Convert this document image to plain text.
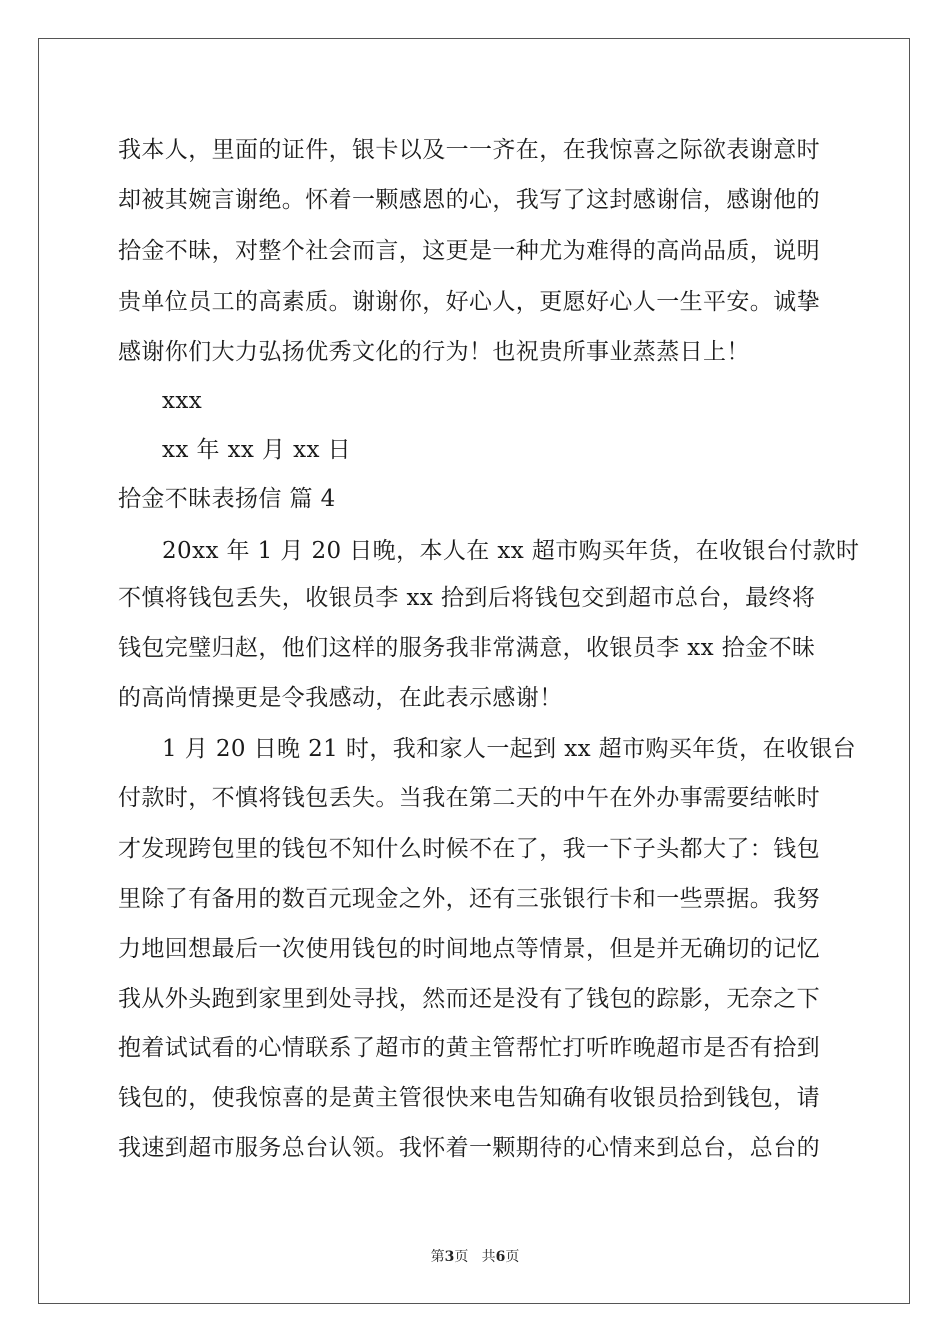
我本人，里面的证件，银卡以及一一齐在，在我惊喜之际欲表谢意时
却被其婉言谢绝。怀着一颗感恩的心，我写了这封感谢信，感谢他的
拾金不昧，对整个社会而言，这更是一种尤为难得的高尚品质，说明
贵单位员工的高素质。谢谢你，好心人，更愿好心人一生平安。诚挚
感谢你们大力弘扬优秀文化的行为！也祝贵所事业蒸蒸日上！
xxx
xx 年 xx 月 xx 日
拾金不昧表扬信 篇 4
20xx 年 1 月 20 日晚，本人在 xx 超市购买年货，在收银台付款时
不慎将钱包丢失，收银员李 xx 拾到后将钱包交到超市总台，最终将
钱包完璧归赵，他们这样的服务我非常满意，收银员李 xx 拾金不昧
的高尚情操更是令我感动，在此表示感谢！
1 月 20 日晚 21 时，我和家人一起到 xx 超市购买年货，在收银台
付款时，不慎将钱包丢失。当我在第二天的中午在外办事需要结帐时
才发现跨包里的钱包不知什么时候不在了，我一下子头都大了：钱包
里除了有备用的数百元现金之外，还有三张银行卡和一些票据。我努
力地回想最后一次使用钱包的时间地点等情景，但是并无确切的记忆
我从外头跑到家里到处寻找，然而还是没有了钱包的踪影，无奈之下
抱着试试看的心情联系了超市的黄主管帮忙打听昨晚超市是否有拾到
钱包的，使我惊喜的是黄主管很快来电告知确有收银员拾到钱包，请
我速到超市服务总台认领。我怀着一颗期待的心情来到总台，总台的
第3页   共6页
